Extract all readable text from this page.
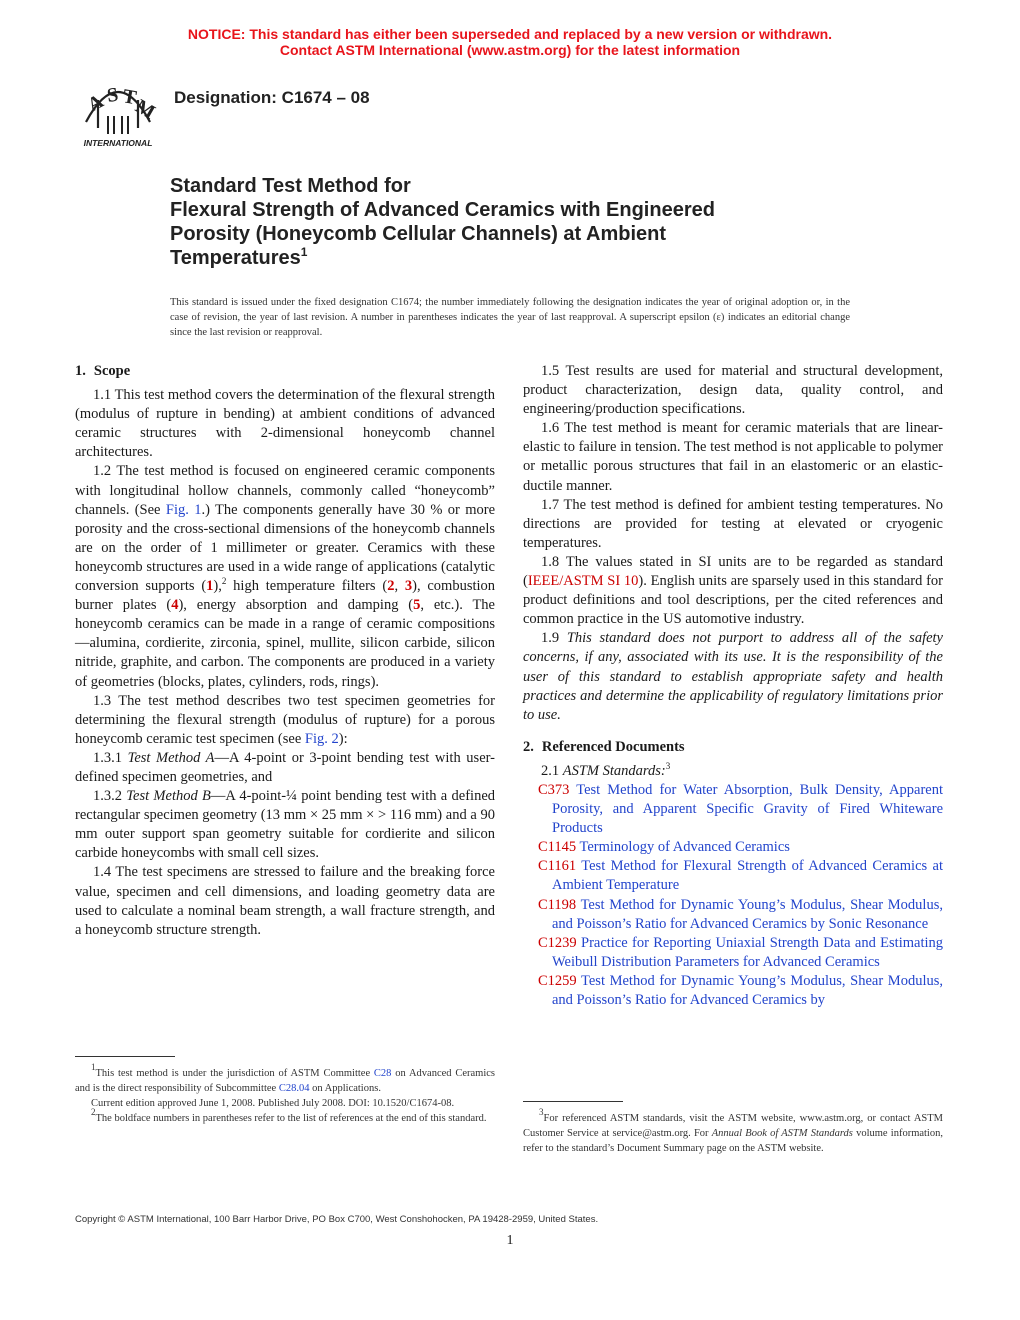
NOTICE: This standard has either been superseded and replaced by a new version or withdrawn.
Contact ASTM International (www.astm.org) for the latest information
A
S T
M
INTERNATIONAL
Designation: C1674 – 08
Standard Test Method for
Flexural Strength of Advanced Ceramics with Engineered
Porosity (Honeycomb Cellular Channels) at Ambient
Temperatures$^1$
This standard is issued under the fixed designation C1674; the number immediately following the designation indicates the year of original adoption or, in the case of revision, the year of last revision. A number in parentheses indicates the year of last reapproval. A superscript epsilon (ε) indicates an editorial change since the last revision or reapproval.
1. Scope

1.1 This test method covers the determination of the flexural strength (modulus of rupture in bending) at ambient conditions of advanced ceramic structures with 2-dimensional honeycomb channel architectures.

1.2 The test method is focused on engineered ceramic components with longitudinal hollow channels, commonly called “honeycomb” channels. (See Fig. 1.) The components generally have 30 % or more porosity and the cross-sectional dimensions of the honeycomb channels are on the order of 1 millimeter or greater. Ceramics with these honeycomb structures are used in a wide range of applications (catalytic conversion supports (1),$^2$ high temperature filters (2, 3), combustion burner plates (4), energy absorption and damping (5, etc.). The honeycomb ceramics can be made in a range of ceramic compositions—alumina, cordierite, zirconia, spinel, mullite, silicon carbide, silicon nitride, graphite, and carbon. The components are produced in a variety of geometries (blocks, plates, cylinders, rods, rings).

1.3 The test method describes two test specimen geometries for determining the flexural strength (modulus of rupture) for a porous honeycomb ceramic test specimen (see Fig. 2):

1.3.1 Test Method A—A 4-point or 3-point bending test with user-defined specimen geometries, and

1.3.2 Test Method B—A 4-point-¼ point bending test with a defined rectangular specimen geometry (13 mm × 25 mm × > 116 mm) and a 90 mm outer support span geometry suitable for cordierite and silicon carbide honeycombs with small cell sizes.

1.4 The test specimens are stressed to failure and the breaking force value, specimen and cell dimensions, and loading geometry data are used to calculate a nominal beam strength, a wall fracture strength, and a honeycomb structure strength.

1.5 Test results are used for material and structural development, product characterization, design data, quality control, and engineering/production specifications.

1.6 The test method is meant for ceramic materials that are linear-elastic to failure in tension. The test method is not applicable to polymer or metallic porous structures that fail in an elastomeric or an elastic-ductile manner.

1.7 The test method is defined for ambient testing temperatures. No directions are provided for testing at elevated or cryogenic temperatures.

1.8 The values stated in SI units are to be regarded as standard (IEEE/ASTM SI 10). English units are sparsely used in this standard for product definitions and tool descriptions, per the cited references and common practice in the US automotive industry.

1.9 This standard does not purport to address all of the safety concerns, if any, associated with its use. It is the responsibility of the user of this standard to establish appropriate safety and health practices and determine the applicability of regulatory limitations prior to use.

2. Referenced Documents

2.1 ASTM Standards:$^3$

C373 Test Method for Water Absorption, Bulk Density, Apparent Porosity, and Apparent Specific Gravity of Fired Whiteware Products
C1145 Terminology of Advanced Ceramics
C1161 Test Method for Flexural Strength of Advanced Ceramics at Ambient Temperature
C1198 Test Method for Dynamic Young’s Modulus, Shear Modulus, and Poisson’s Ratio for Advanced Ceramics by Sonic Resonance
C1239 Practice for Reporting Uniaxial Strength Data and Estimating Weibull Distribution Parameters for Advanced Ceramics
C1259 Test Method for Dynamic Young’s Modulus, Shear Modulus, and Poisson’s Ratio for Advanced Ceramics by

$^1$This test method is under the jurisdiction of ASTM Committee C28 on Advanced Ceramics and is the direct responsibility of Subcommittee C28.04 on Applications.

Current edition approved June 1, 2008. Published July 2008. DOI: 10.1520/C1674-08.

$^2$The boldface numbers in parentheses refer to the list of references at the end of this standard.

$^3$For referenced ASTM standards, visit the ASTM website, www.astm.org, or contact ASTM Customer Service at service@astm.org. For Annual Book of ASTM Standards volume information, refer to the standard’s Document Summary page on the ASTM website.

Copyright © ASTM International, 100 Barr Harbor Drive, PO Box C700, West Conshohocken, PA 19428-2959, United States.
1
